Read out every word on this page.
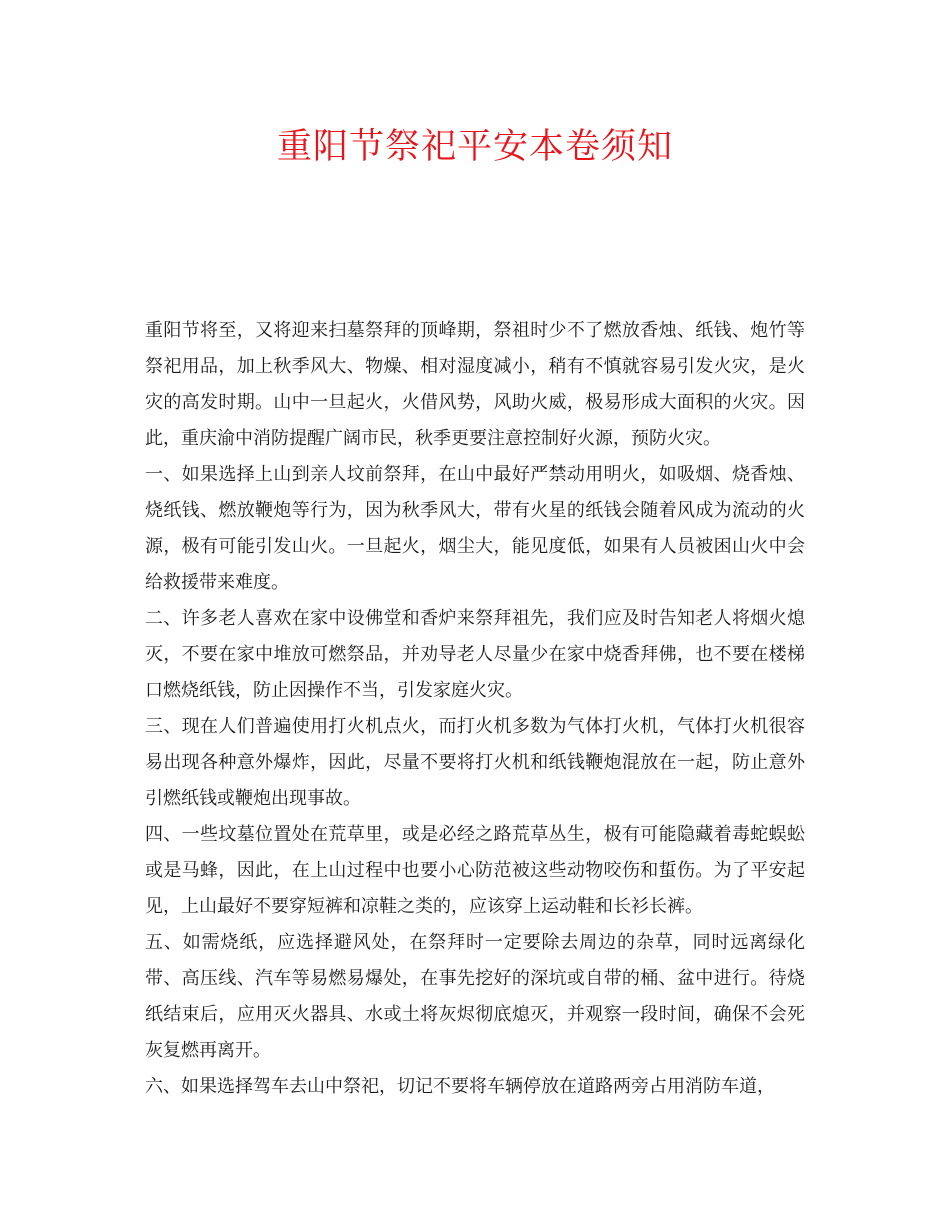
重阳节祭祀平安本卷须知

重阳节将至，又将迎来扫墓祭拜的顶峰期，祭祖时少不了燃放香烛、纸钱、炮竹等祭祀用品，加上秋季风大、物燥、相对湿度减小，稍有不慎就容易引发火灾，是火灾的高发时期。山中一旦起火，火借风势，风助火威，极易形成大面积的火灾。因此，重庆渝中消防提醒广阔市民，秋季更要注意控制好火源，预防火灾。

一、如果选择上山到亲人坟前祭拜，在山中最好严禁动用明火，如吸烟、烧香烛、烧纸钱、燃放鞭炮等行为，因为秋季风大，带有火星的纸钱会随着风成为流动的火源，极有可能引发山火。一旦起火，烟尘大，能见度低，如果有人员被困山火中会给救援带来难度。

二、许多老人喜欢在家中设佛堂和香炉来祭拜祖先，我们应及时告知老人将烟火熄灭，不要在家中堆放可燃祭品，并劝导老人尽量少在家中烧香拜佛，也不要在楼梯口燃烧纸钱，防止因操作不当，引发家庭火灾。

三、现在人们普遍使用打火机点火，而打火机多数为气体打火机，气体打火机很容易出现各种意外爆炸，因此，尽量不要将打火机和纸钱鞭炮混放在一起，防止意外引燃纸钱或鞭炮出现事故。

四、一些坟墓位置处在荒草里，或是必经之路荒草丛生，极有可能隐藏着毒蛇蜈蚣或是马蜂，因此，在上山过程中也要小心防范被这些动物咬伤和蜇伤。为了平安起见，上山最好不要穿短裤和凉鞋之类的，应该穿上运动鞋和长衫长裤。

五、如需烧纸，应选择避风处，在祭拜时一定要除去周边的杂草，同时远离绿化带、高压线、汽车等易燃易爆处，在事先挖好的深坑或自带的桶、盆中进行。待烧纸结束后，应用灭火器具、水或土将灰烬彻底熄灭，并观察一段时间，确保不会死灰复燃再离开。

六、如果选择驾车去山中祭祀，切记不要将车辆停放在道路两旁占用消防车道，
